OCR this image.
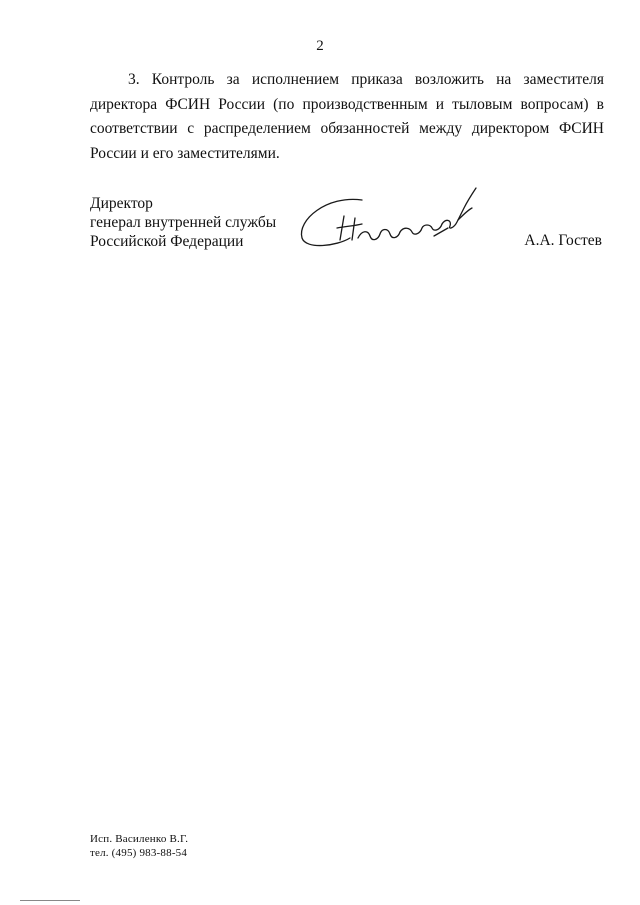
2

3. Контроль за исполнением приказа возложить на заместителя директора ФСИН России (по производственным и тыловым вопросам) в соответствии с распределением обязанностей между директором ФСИН России и его заместителями.

Директор
генерал внутренней службы
Российской Федерации	А.А. Гостев
Исп. Василенко В.Г.
тел. (495) 983-88-54
